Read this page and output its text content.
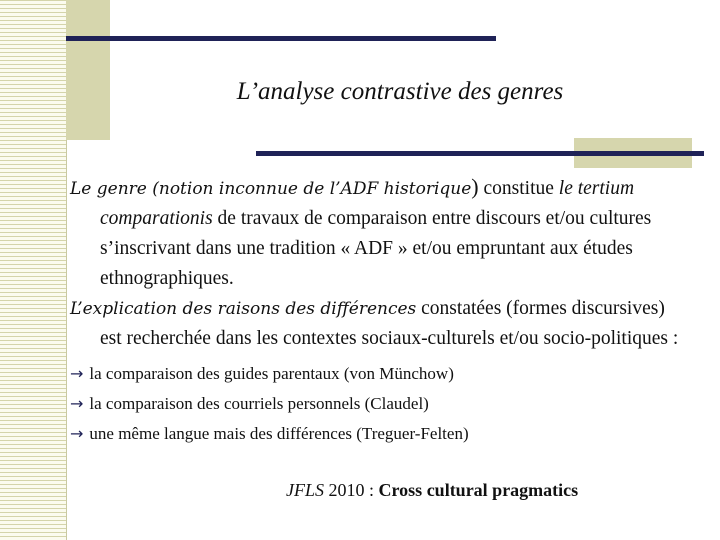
L’analyse contrastive des genres

Le genre (notion inconnue de l’ADF historique) constitue le tertium comparationis de travaux de comparaison entre discours et/ou cultures s’inscrivant dans une tradition « ADF » et/ou empruntant aux études ethnographiques.

L’explication des raisons des différences constatées (formes discursives) est recherchée dans les contextes sociaux-culturels et/ou socio-politiques :

→ la comparaison des guides parentaux (von Münchow)

→ la comparaison des courriels personnels (Claudel)

→ une même langue mais des différences (Treguer-Felten)

JFLS 2010 : Cross cultural pragmatics
